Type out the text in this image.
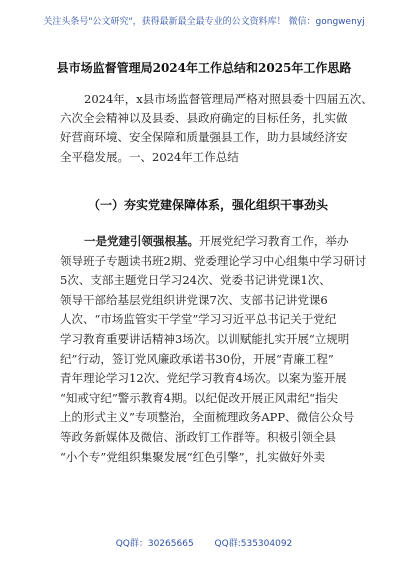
关注头条号"公文研究"，获得最新最全最专业的公文资料库！ 微信：gongwenyj
县市场监督管理局2024年工作总结和2025年工作思路
2024年，x县市场监督管理局严格对照县委十四届五次、
六次全会精神以及县委、县政府确定的目标任务，扎实做
好营商环境、安全保障和质量强县工作，助力县域经济安
全平稳发展。一、2024年工作总结
（一）夯实党建保障体系，强化组织干事劲头
一是党建引领强根基。开展党纪学习教育工作，举办
领导班子专题读书班2期、党委理论学习中心组集中学习研讨
5次、支部主题党日学习24次、党委书记讲党课1次、
领导干部给基层党组织讲党课7次、支部书记讲党课6
人次、“市场监管实干学堂”学习习近平总书记关于党纪
学习教育重要讲话精神3场次。以训赋能扎实开展“立规明
纪”行动，签订党风廉政承诺书30份，开展“青廉工程”
青年理论学习12次、党纪学习教育4场次。以案为鉴开展
“知戒守纪”警示教育4期。以纪促改开展正风肃纪“指尖
上的形式主义”专项整治，全面梳理政务APP、微信公众号
等政务新媒体及微信、浙政钉工作群等。积极引领全县
“小个专”党组织集聚发展“红色引擎”，扎实做好外卖
QQ群：30265665 QQ群:535304092
